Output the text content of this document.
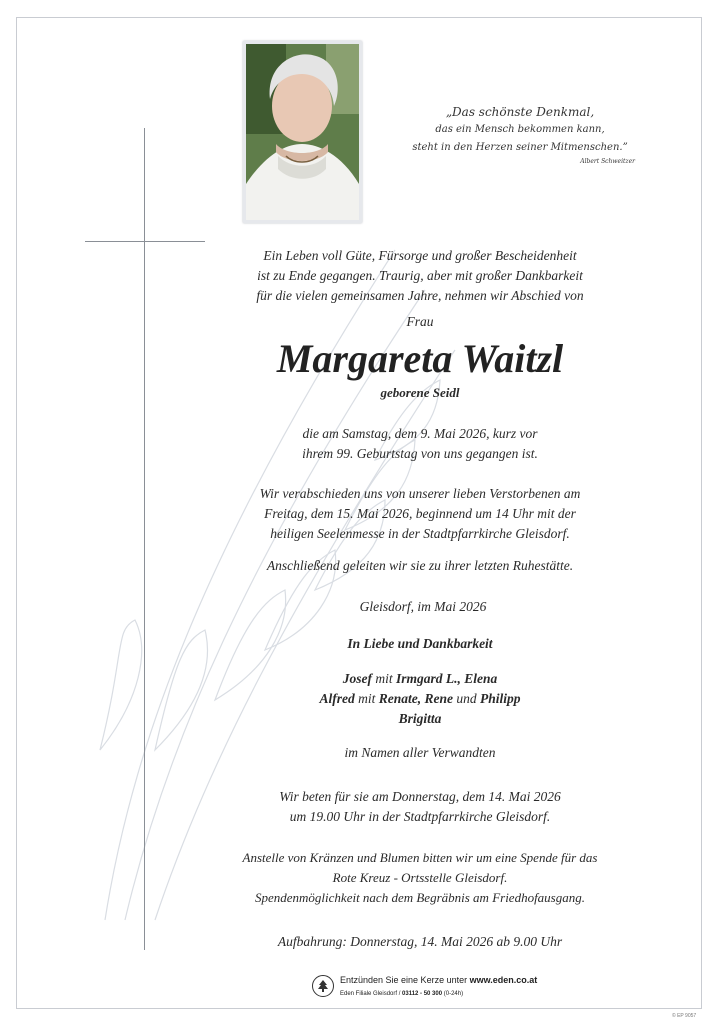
„Das schönste Denkmal,
das ein Mensch bekommen kann,
steht in den Herzen seiner Mitmenschen.”
Albert Schweitzer
Ein Leben voll Güte, Fürsorge und großer Bescheidenheit
ist zu Ende gegangen. Traurig, aber mit großer Dankbarkeit
für die vielen gemeinsamen Jahre, nehmen wir Abschied von
Frau
Margareta Waitzl
geborene Seidl
die am Samstag, dem 9. Mai 2026, kurz vor
ihrem 99. Geburtstag von uns gegangen ist.
Wir verabschieden uns von unserer lieben Verstorbenen am
Freitag, dem 15. Mai 2026, beginnend um 14 Uhr mit der
heiligen Seelenmesse in der Stadtpfarrkirche Gleisdorf.
Anschließend geleiten wir sie zu ihrer letzten Ruhestätte.
Gleisdorf, im Mai 2026
In Liebe und Dankbarkeit
Josef mit Irmgard L., Elena
Alfred mit Renate, Rene und Philipp
Brigitta
im Namen aller Verwandten
Wir beten für sie am Donnerstag, dem 14. Mai 2026
um 19.00 Uhr in der Stadtpfarrkirche Gleisdorf.
Anstelle von Kränzen und Blumen bitten wir um eine Spende für das
Rote Kreuz - Ortsstelle Gleisdorf.
Spendenmöglichkeit nach dem Begräbnis am Friedhofausgang.
Aufbahrung: Donnerstag, 14. Mai 2026 ab 9.00 Uhr
Entzünden Sie eine Kerze unter www.eden.co.at
Eden Filiale Gleisdorf / 03112 - 50 300 (0-24h)
© EP 9057
